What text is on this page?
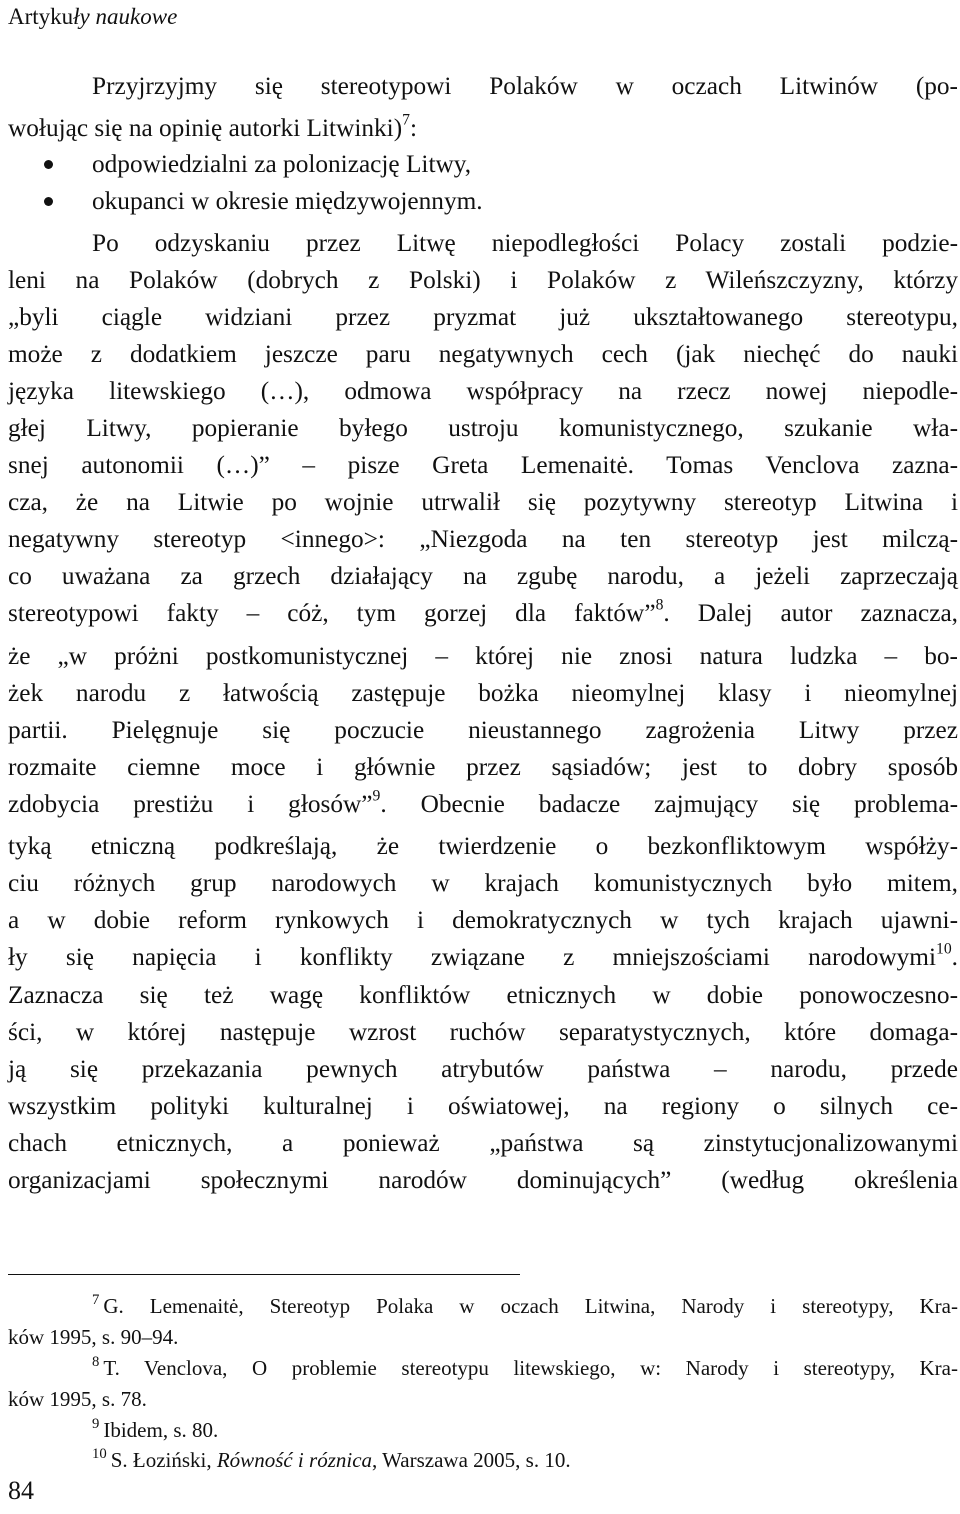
Artykuły naukowe
Przyjrzyjmy się stereotypowi Polaków w oczach Litwinów (po-
wołując się na opinię autorki Litwinki)$^7$:
odpowiedzialni za polonizację Litwy,
okupanci w okresie międzywojennym.
Po odzyskaniu przez Litwę niepodległości Polacy zostali podzie-
leni na Polaków (dobrych z Polski) i Polaków z Wileńszczyzny, którzy
„byli ciągle widziani przez pryzmat już ukształtowanego stereotypu,
może z dodatkiem jeszcze paru negatywnych cech (jak niechęć do nauki
języka litewskiego (…), odmowa współpracy na rzecz nowej niepodle-
głej Litwy, popieranie byłego ustroju komunistycznego, szukanie wła-
snej autonomii (…)” – pisze Greta Lemenaitė. Tomas Venclova zazna-
cza, że na Litwie po wojnie utrwalił się pozytywny stereotyp Litwina i
negatywny stereotyp <innego>: „Niezgoda na ten stereotyp jest milczą-
co uważana za grzech działający na zgubę narodu, a jeżeli zaprzeczają
stereotypowi fakty – cóż, tym gorzej dla faktów”$^8$. Dalej autor zaznacza,
że „w próżni postkomunistycznej – której nie znosi natura ludzka – bo-
żek narodu z łatwością zastępuje bożka nieomylnej klasy i nieomylnej
partii. Pielęgnuje się poczucie nieustannego zagrożenia Litwy przez
rozmaite ciemne moce i głównie przez sąsiadów; jest to dobry sposób
zdobycia prestiżu i głosów”$^9$. Obecnie badacze zajmujący się problema-
tyką etniczną podkreślają, że twierdzenie o bezkonfliktowym współży-
ciu różnych grup narodowych w krajach komunistycznych było mitem,
a w dobie reform rynkowych i demokratycznych w tych krajach ujawni-
ły się napięcia i konflikty związane z mniejszościami narodowymi$^{10}$.
Zaznacza się też wagę konfliktów etnicznych w dobie ponowoczesno-
ści, w której następuje wzrost ruchów separatystycznych, które domaga-
ją się przekazania pewnych atrybutów państwa – narodu, przede
wszystkim polityki kulturalnej i oświatowej, na regiony o silnych ce-
chach etnicznych, a ponieważ „państwa są zinstytucjonalizowanymi
organizacjami społecznymi narodów dominujących” (według określenia
$^7$ G. Lemenaitė, Stereotyp Polaka w oczach Litwina, Narody i stereotypy, Kra-
ków 1995, s. 90–94.
$^8$ T. Venclova, O problemie stereotypu litewskiego, w: Narody i stereotypy, Kra-
ków 1995, s. 78.
$^9$ Ibidem, s. 80.
$^{10}$ S. Łoziński, Równość i róznica, Warszawa 2005, s. 10.
84
